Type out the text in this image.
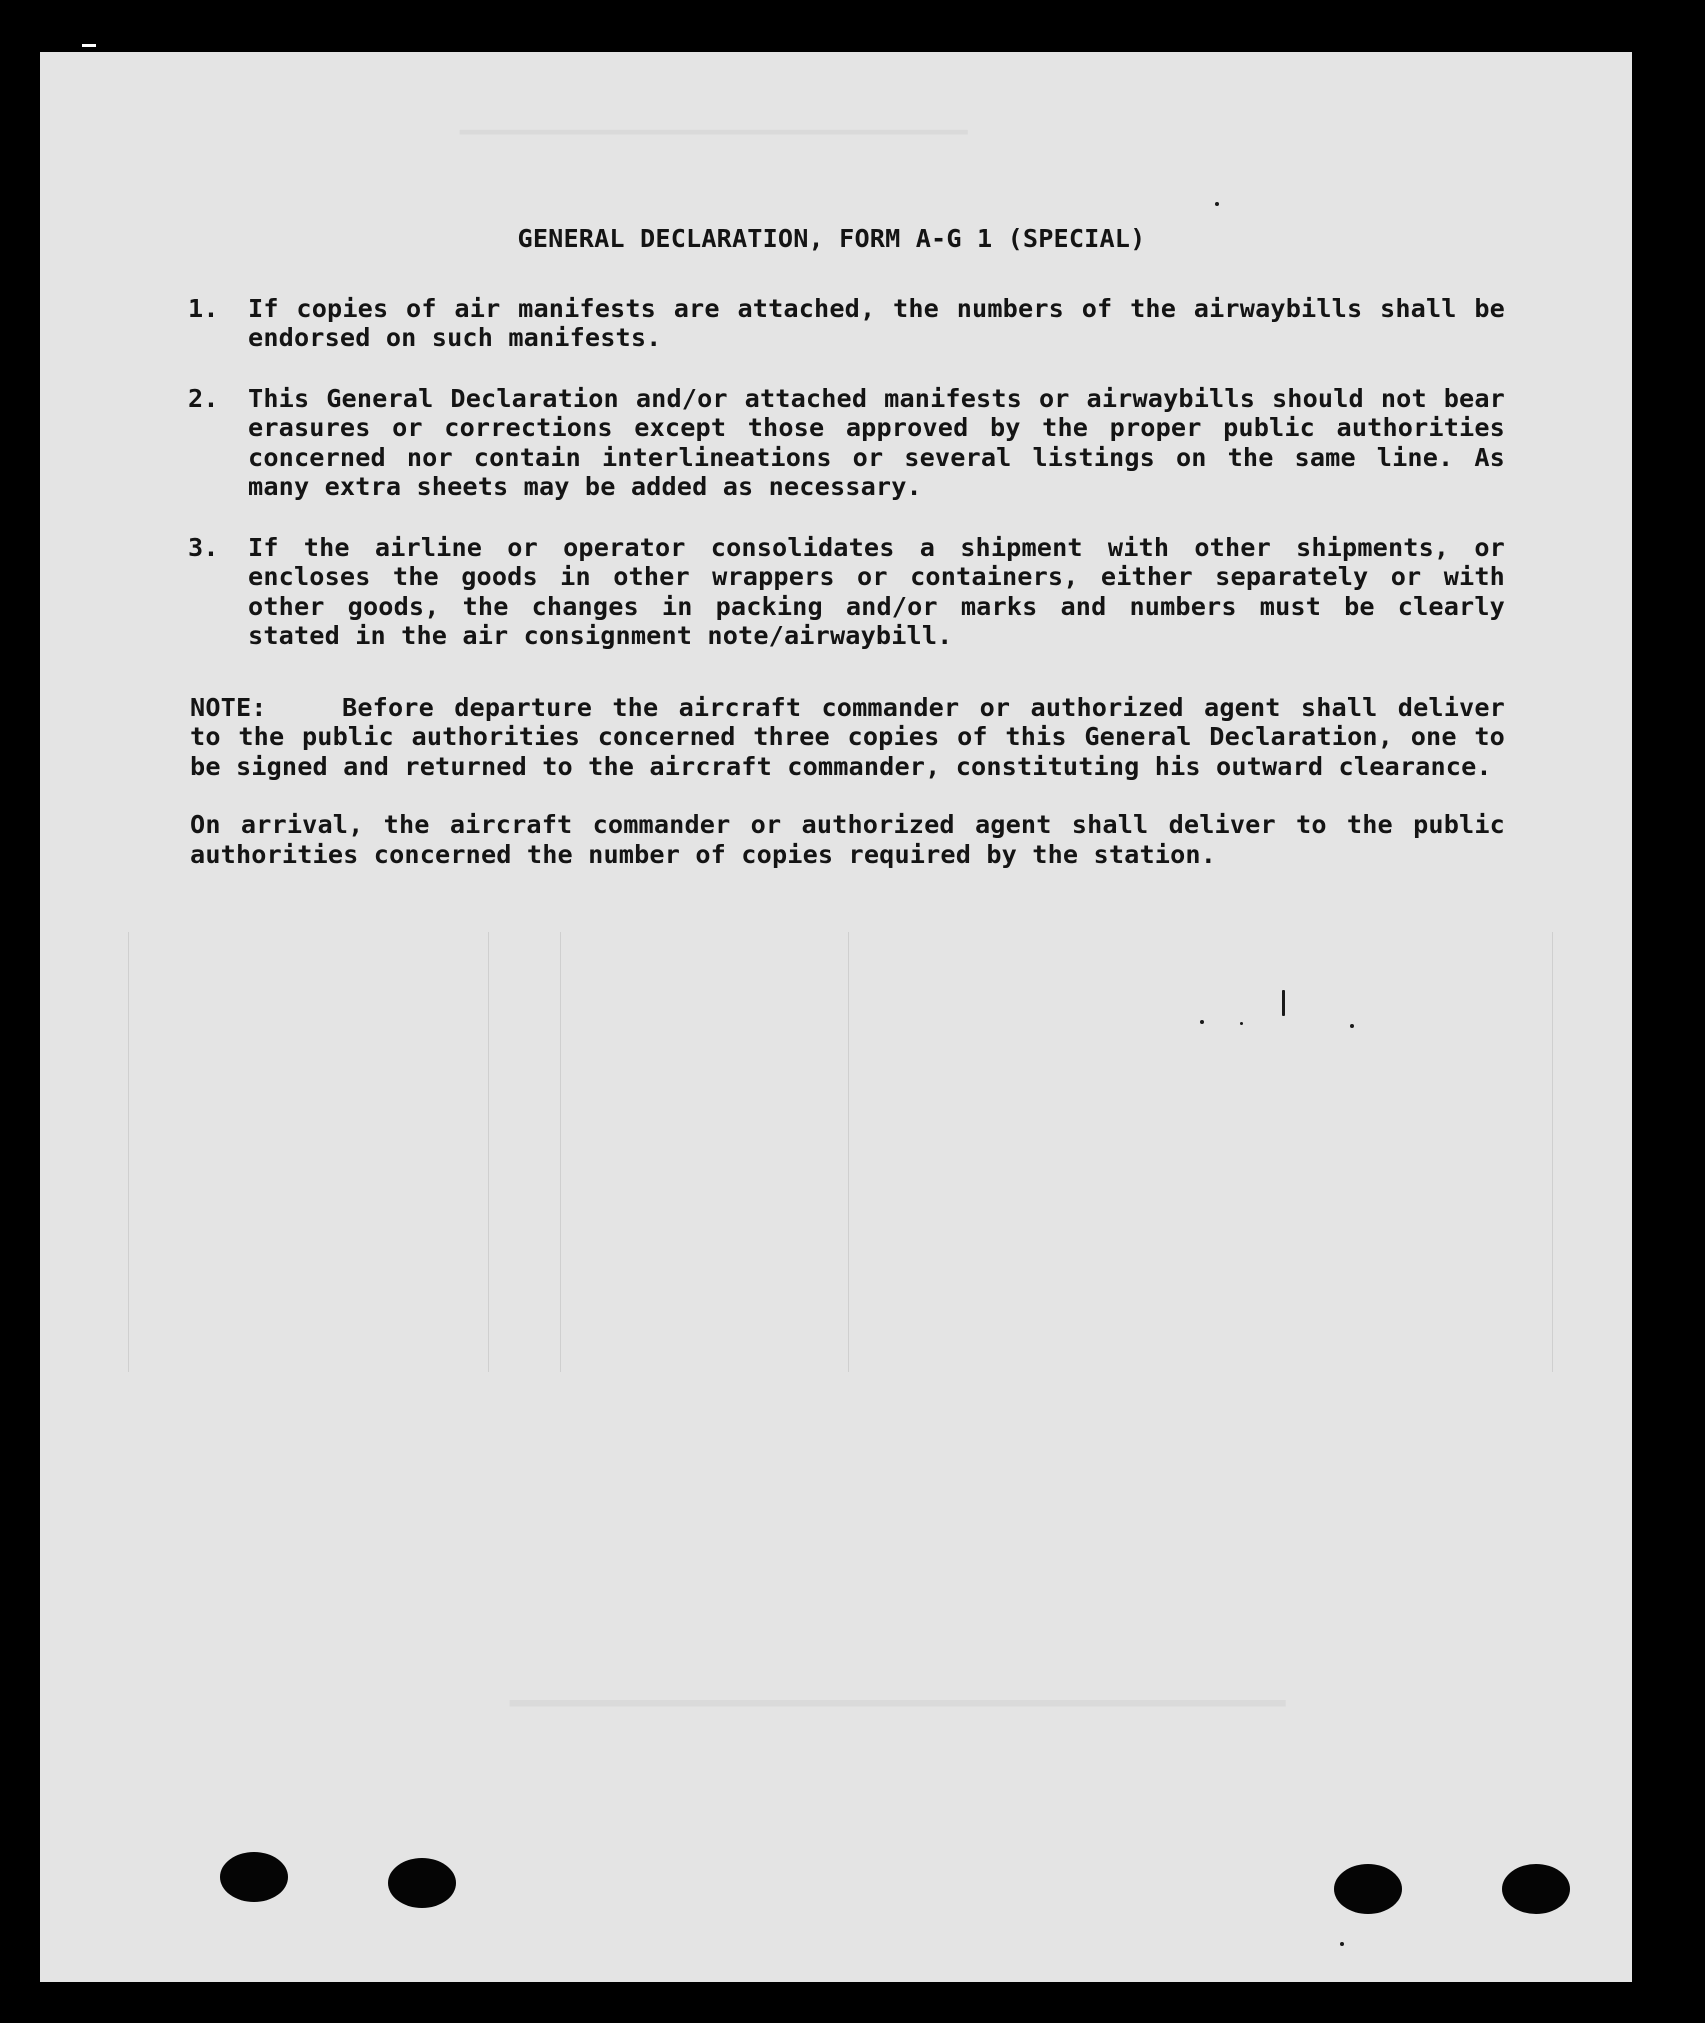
▁▁▁▁▁▁▁▁▁▁▁▁▁▁▁▁▁▁▁▁▁▁
▁▁▁▁▁▁▁▁▁▁▁▁▁▁▁▁▁▁▁▁▁▁▁▁
GENERAL DECLARATION, FORM A-G 1 (SPECIAL)
1.	If copies of air manifests are attached, the numbers of the airwaybills shall be endorsed on such manifests.
2.	This General Declaration and/or attached manifests or airwaybills should not bear erasures or corrections except those approved by the proper public authorities concerned nor contain interlineations or several listings on the same line. As many extra sheets may be added as necessary.
3.	If the airline or operator consolidates a shipment with other shipments, or encloses the goods in other wrappers or containers, either separately or with other goods, the changes in packing and/or marks and numbers must be clearly stated in the air consignment note/airwaybill.
NOTE:	Before departure the aircraft commander or authorized agent shall deliver to the public authorities concerned three copies of this General Declaration, one to be signed and returned to the aircraft commander, constituting his outward clearance.
On arrival, the aircraft commander or authorized agent shall deliver to the public authorities concerned the number of copies required by the station.
